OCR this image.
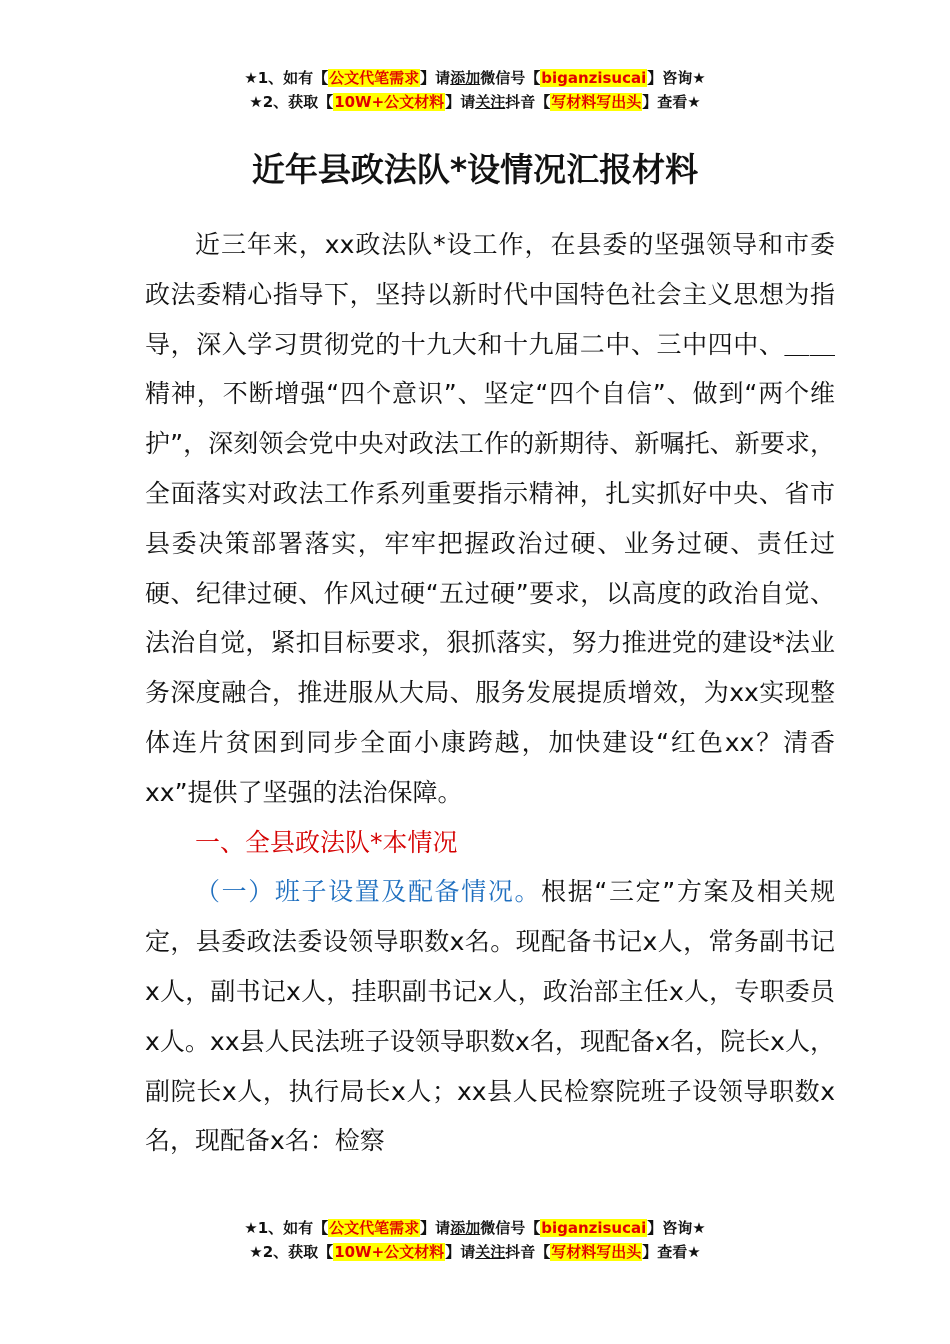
★1、如有【公文代笔需求】请添加微信号【biganzisucai】咨询★
★2、获取【10W+公文材料】请关注抖音【写材料写出头】查看★
近年县政法队*设情况汇报材料

近三年来，xx政法队*设工作，在县委的坚强领导和市委政法委精心指导下，坚持以新时代中国特色社会主义思想为指导，深入学习贯彻党的十九大和十九届二中、三中四中、＿＿精神，不断增强“四个意识”、坚定“四个自信”、做到“两个维护”，深刻领会党中央对政法工作的新期待、新嘱托、新要求，全面落实对政法工作系列重要指示精神，扎实抓好中央、省市县委决策部署落实，牢牢把握政治过硬、业务过硬、责任过硬、纪律过硬、作风过硬“五过硬”要求，以高度的政治自觉、法治自觉，紧扣目标要求，狠抓落实，努力推进党的建设*法业务深度融合，推进服从大局、服务发展提质增效，为xx实现整体连片贫困到同步全面小康跨越，加快建设“红色xx？清香xx”提供了坚强的法治保障。

一、全县政法队*本情况

（一）班子设置及配备情况。根据“三定”方案及相关规定，县委政法委设领导职数x名。现配备书记x人，常务副书记x人，副书记x人，挂职副书记x人，政治部主任x人，专职委员x人。xx县人民法班子设领导职数x名，现配备x名，院长x人，副院长x人，执行局长x人；xx县人民检察院班子设领导职数x名，现配备x名：检察

★1、如有【公文代笔需求】请添加微信号【biganzisucai】咨询★
★2、获取【10W+公文材料】请关注抖音【写材料写出头】查看★
